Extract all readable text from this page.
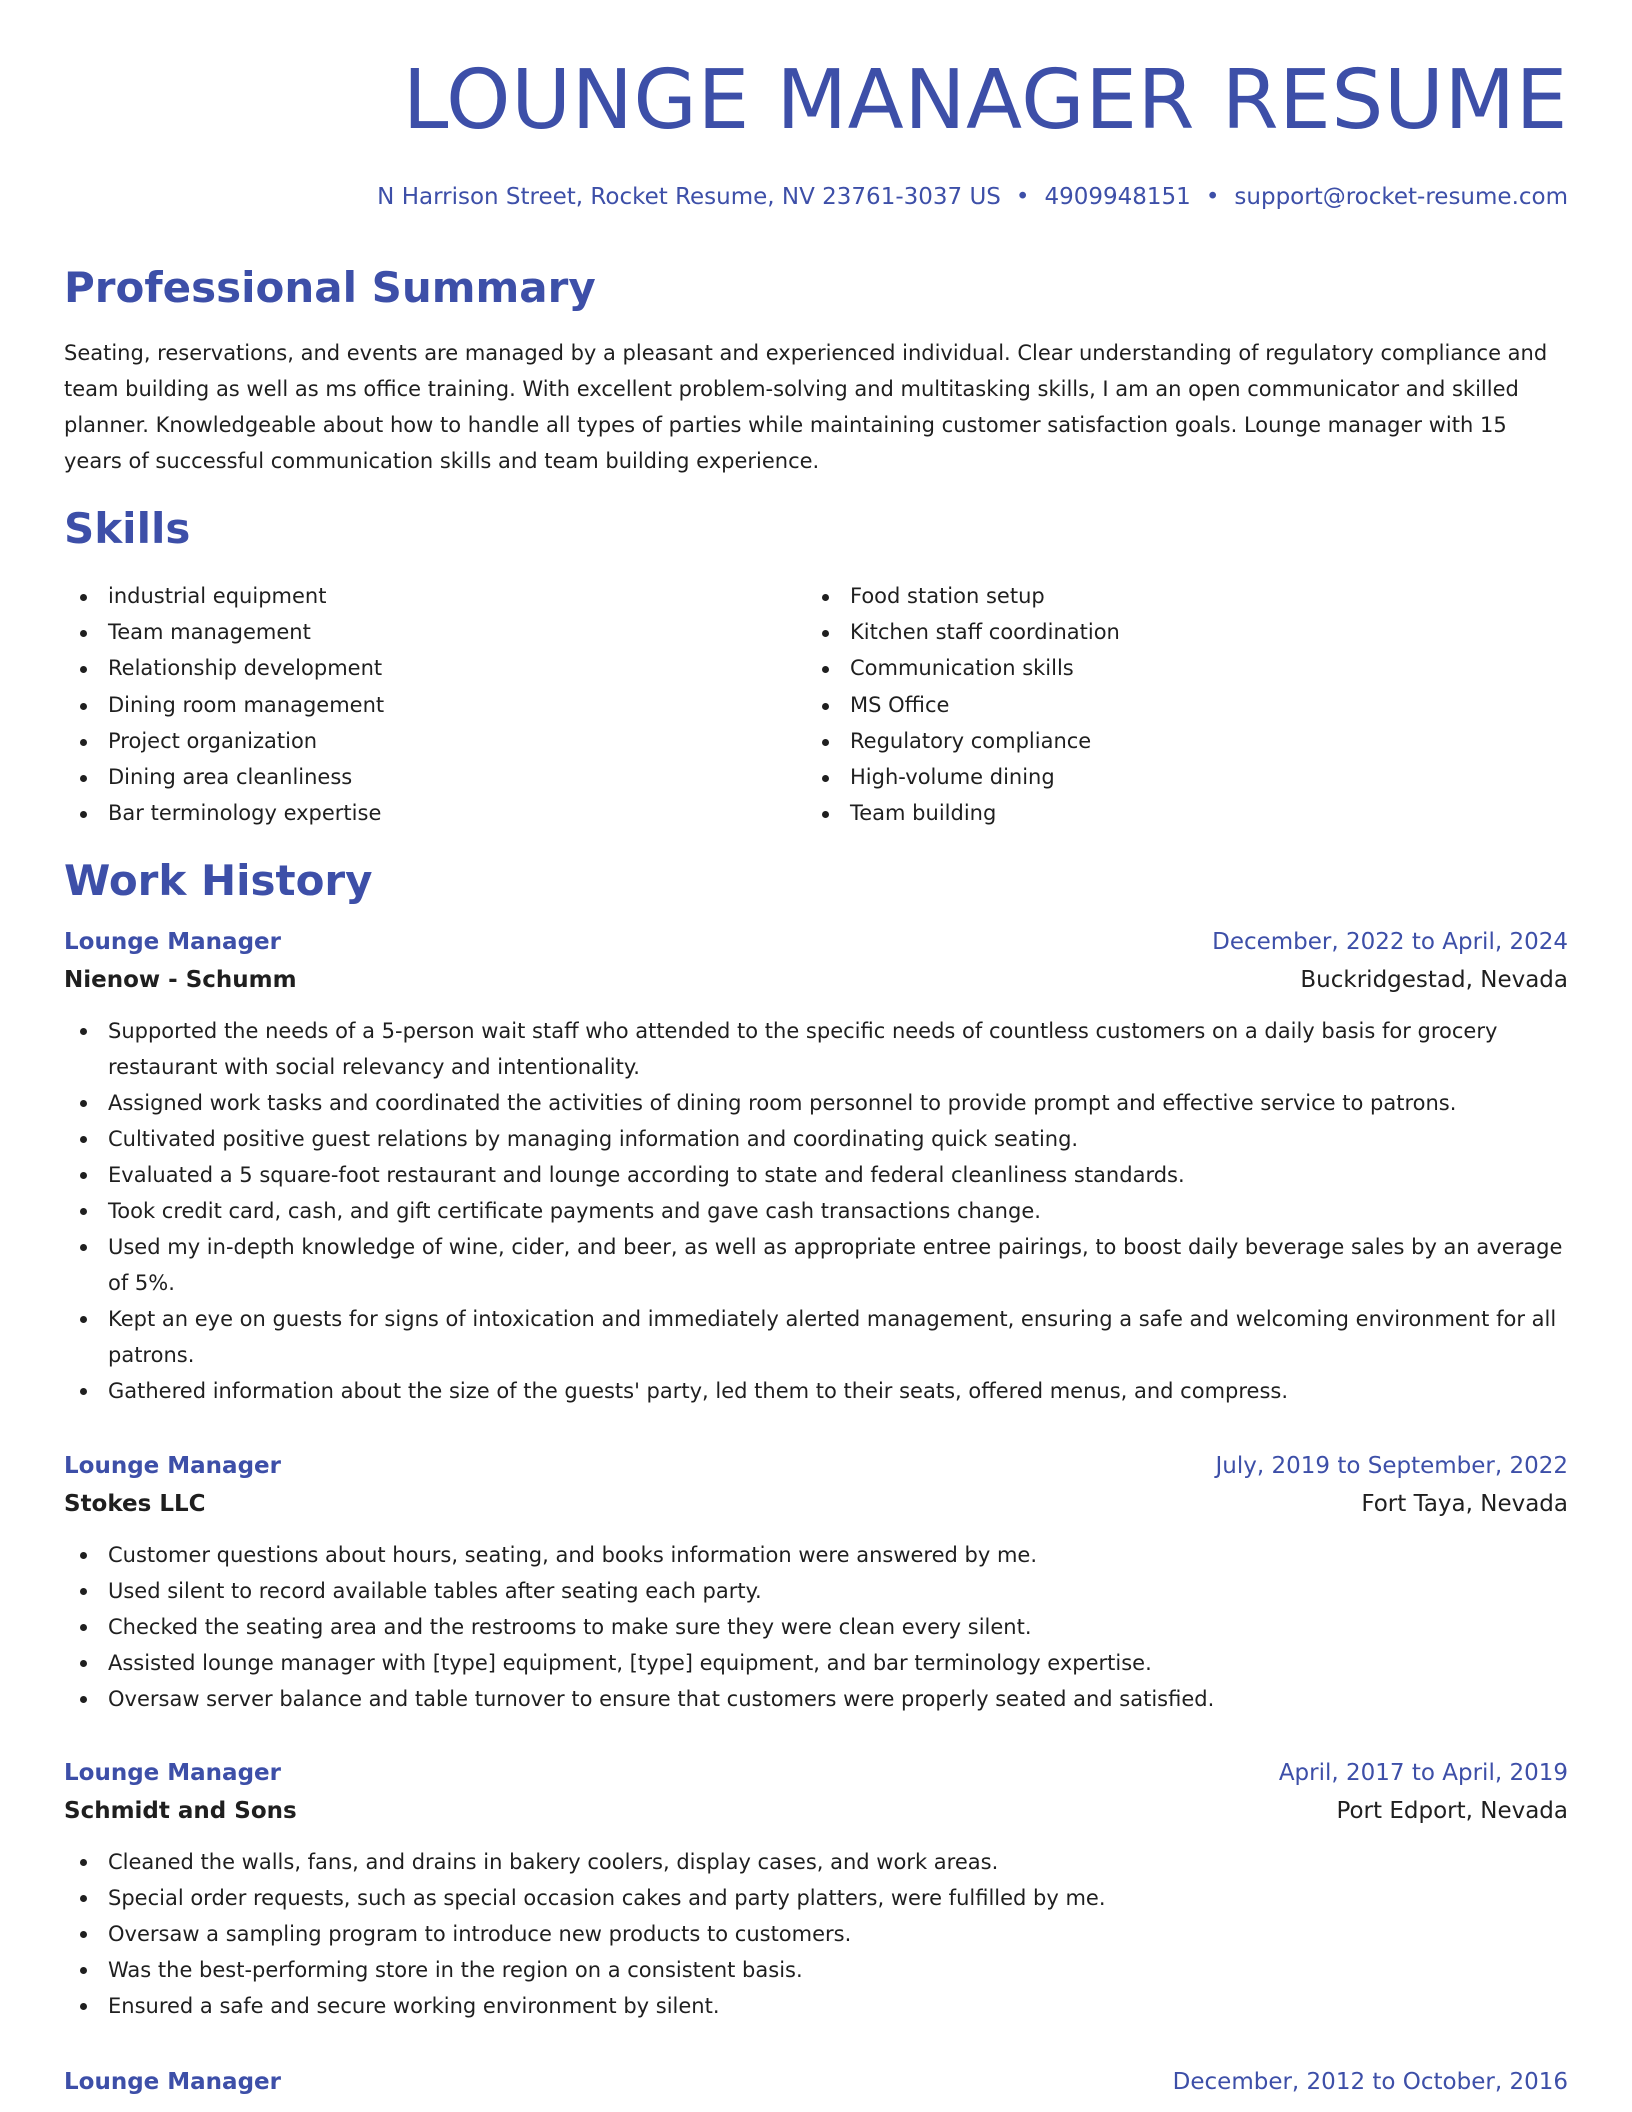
LOUNGE MANAGER RESUME
N Harrison Street, Rocket Resume, NV 23761-3037 US • 4909948151 • support@rocket-resume.com
Professional Summary

Seating, reservations, and events are managed by a pleasant and experienced individual. Clear understanding of regulatory compliance and team building as well as ms office training. With excellent problem-solving and multitasking skills, I am an open communicator and skilled planner. Knowledgeable about how to handle all types of parties while maintaining customer satisfaction goals. Lounge manager with 15 years of successful communication skills and team building experience.

Skills
industrial equipment
Team management
Relationship development
Dining room management
Project organization
Dining area cleanliness
Bar terminology expertise
Food station setup
Kitchen staff coordination
Communication skills
MS Office
Regulatory compliance
High-volume dining
Team building
Work History
Lounge Manager	December, 2022 to April, 2024
Nienow - Schumm	Buckridgestad, Nevada
Supported the needs of a 5-person wait staff who attended to the specific needs of countless customers on a daily basis for grocery restaurant with social relevancy and intentionality.
Assigned work tasks and coordinated the activities of dining room personnel to provide prompt and effective service to patrons.
Cultivated positive guest relations by managing information and coordinating quick seating.
Evaluated a 5 square-foot restaurant and lounge according to state and federal cleanliness standards.
Took credit card, cash, and gift certificate payments and gave cash transactions change.
Used my in-depth knowledge of wine, cider, and beer, as well as appropriate entree pairings, to boost daily beverage sales by an average of 5%.
Kept an eye on guests for signs of intoxication and immediately alerted management, ensuring a safe and welcoming environment for all patrons.
Gathered information about the size of the guests' party, led them to their seats, offered menus, and compress.
Lounge Manager	July, 2019 to September, 2022
Stokes LLC	Fort Taya, Nevada
Customer questions about hours, seating, and books information were answered by me.
Used silent to record available tables after seating each party.
Checked the seating area and the restrooms to make sure they were clean every silent.
Assisted lounge manager with [type] equipment, [type] equipment, and bar terminology expertise.
Oversaw server balance and table turnover to ensure that customers were properly seated and satisfied.
Lounge Manager	April, 2017 to April, 2019
Schmidt and Sons	Port Edport, Nevada
Cleaned the walls, fans, and drains in bakery coolers, display cases, and work areas.
Special order requests, such as special occasion cakes and party platters, were fulfilled by me.
Oversaw a sampling program to introduce new products to customers.
Was the best-performing store in the region on a consistent basis.
Ensured a safe and secure working environment by silent.
Lounge Manager	December, 2012 to October, 2016
